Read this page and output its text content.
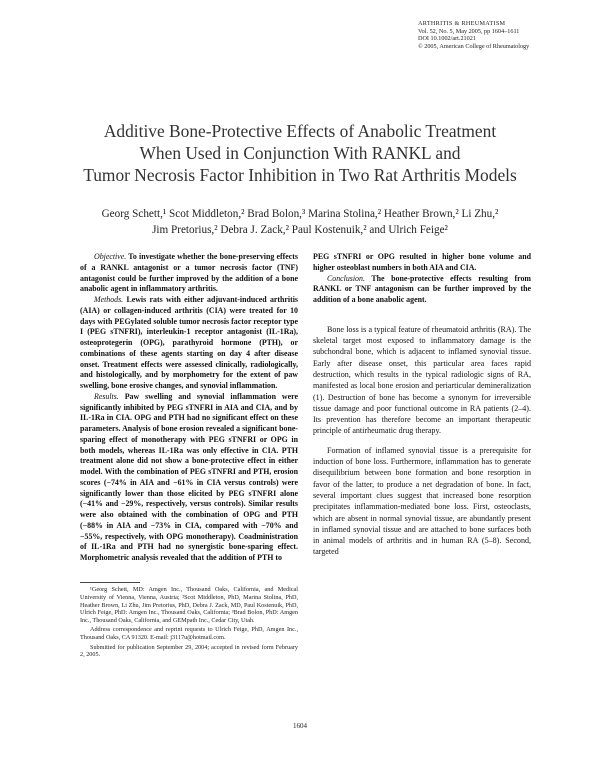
ARTHRITIS & RHEUMATISM
Vol. 52, No. 5, May 2005, pp 1604–1611
DOI 10.1002/art.21021
© 2005, American College of Rheumatology
Additive Bone-Protective Effects of Anabolic Treatment
When Used in Conjunction With RANKL and
Tumor Necrosis Factor Inhibition in Two Rat Arthritis Models
Georg Schett,¹ Scot Middleton,² Brad Bolon,³ Marina Stolina,² Heather Brown,² Li Zhu,²
Jim Pretorius,² Debra J. Zack,² Paul Kostenuik,² and Ulrich Feige²

Objective. To investigate whether the bone-preserving effects of a RANKL antagonist or a tumor necrosis factor (TNF) antagonist could be further improved by the addition of a bone anabolic agent in inflammatory arthritis.

Methods. Lewis rats with either adjuvant-induced arthritis (AIA) or collagen-induced arthritis (CIA) were treated for 10 days with PEGylated soluble tumor necrosis factor receptor type I (PEG sTNFRI), interleukin-1 receptor antagonist (IL-1Ra), osteoprotegerin (OPG), parathyroid hormone (PTH), or combinations of these agents starting on day 4 after disease onset. Treatment effects were assessed clinically, radiologically, and histologically, and by morphometry for the extent of paw swelling, bone erosive changes, and synovial inflammation.

Results. Paw swelling and synovial inflammation were significantly inhibited by PEG sTNFRI in AIA and CIA, and by IL-1Ra in CIA. OPG and PTH had no significant effect on these parameters. Analysis of bone erosion revealed a significant bone-sparing effect of monotherapy with PEG sTNFRI or OPG in both models, whereas IL-1Ra was only effective in CIA. PTH treatment alone did not show a bone-protective effect in either model. With the combination of PEG sTNFRI and PTH, erosion scores (−74% in AIA and −61% in CIA versus controls) were significantly lower than those elicited by PEG sTNFRI alone (−41% and −29%, respectively, versus controls). Similar results were also obtained with the combination of OPG and PTH (−88% in AIA and −73% in CIA, compared with −70% and −55%, respectively, with OPG monotherapy). Coadministration of IL-1Ra and PTH had no synergistic bone-sparing effect. Morphometric analysis revealed that the addition of PTH to

PEG sTNFRI or OPG resulted in higher bone volume and higher osteoblast numbers in both AIA and CIA.

Conclusion. The bone-protective effects resulting from RANKL or TNF antagonism can be further improved by the addition of a bone anabolic agent.

Bone loss is a typical feature of rheumatoid arthritis (RA). The skeletal target most exposed to inflammatory damage is the subchondral bone, which is adjacent to inflamed synovial tissue. Early after disease onset, this particular area faces rapid destruction, which results in the typical radiologic signs of RA, manifested as local bone erosion and periarticular demineralization (1). Destruction of bone has become a synonym for irreversible tissue damage and poor functional outcome in RA patients (2–4). Its prevention has therefore become an important therapeutic principle of antirheumatic drug therapy.

Formation of inflamed synovial tissue is a prerequisite for induction of bone loss. Furthermore, inflammation has to generate disequilibrium between bone formation and bone resorption in favor of the latter, to produce a net degradation of bone. In fact, several important clues suggest that increased bone resorption precipitates inflammation-mediated bone loss. First, osteoclasts, which are absent in normal synovial tissue, are abundantly present in inflamed synovial tissue and are attached to bone surfaces both in animal models of arthritis and in human RA (5–8). Second, targeted

¹Georg Schett, MD: Amgen Inc., Thousand Oaks, California, and Medical University of Vienna, Vienna, Austria; ²Scot Middleton, PhD, Marina Stolina, PhD, Heather Brown, Li Zhu, Jim Pretorius, PhD, Debra J. Zack, MD, Paul Kostenuik, PhD, Ulrich Feige, PhD: Amgen Inc., Thousand Oaks, California; ³Brad Bolon, PhD: Amgen Inc., Thousand Oaks, California, and GEMpath Inc., Cedar City, Utah.

Address correspondence and reprint requests to Ulrich Feige, PhD, Amgen Inc., Thousand Oaks, CA 91320. E-mail: j3117u@hotmail.com.

Submitted for publication September 29, 2004; accepted in revised form February 2, 2005.

1604
